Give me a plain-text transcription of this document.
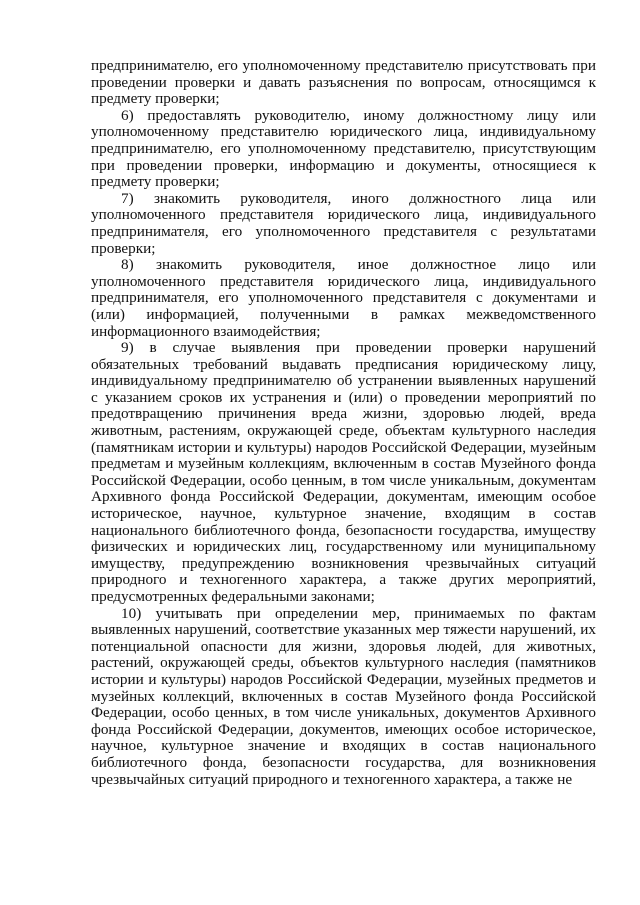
предпринимателю, его уполномоченному представителю присутствовать при проведении проверки и давать разъяснения по вопросам, относящимся к предмету проверки;

6) предоставлять руководителю, иному должностному лицу или уполномоченному представителю юридического лица, индивидуальному предпринимателю, его уполномоченному представителю, присутствующим при проведении проверки, информацию и документы, относящиеся к предмету проверки;

7) знакомить руководителя, иного должностного лица или уполномоченного представителя юридического лица, индивидуального предпринимателя, его уполномоченного представителя с результатами проверки;

8) знакомить руководителя, иное должностное лицо или уполномоченного представителя юридического лица, индивидуального предпринимателя, его уполномоченного представителя с документами и (или) информацией, полученными в рамках межведомственного информационного взаимодействия;

9) в случае выявления при проведении проверки нарушений обязательных требований выдавать предписания юридическому лицу, индивидуальному предпринимателю об устранении выявленных нарушений с указанием сроков их устранения и (или) о проведении мероприятий по предотвращению причинения вреда жизни, здоровью людей, вреда животным, растениям, окружающей среде, объектам культурного наследия (памятникам истории и культуры) народов Российской Федерации, музейным предметам и музейным коллекциям, включенным в состав Музейного фонда Российской Федерации, особо ценным, в том числе уникальным, документам Архивного фонда Российской Федерации, документам, имеющим особое историческое, научное, культурное значение, входящим в состав национального библиотечного фонда, безопасности государства, имуществу физических и юридических лиц, государственному или муниципальному имуществу, предупреждению возникновения чрезвычайных ситуаций природного и техногенного характера, а также других мероприятий, предусмотренных федеральными законами;

10) учитывать при определении мер, принимаемых по фактам выявленных нарушений, соответствие указанных мер тяжести нарушений, их потенциальной опасности для жизни, здоровья людей, для животных, растений, окружающей среды, объектов культурного наследия (памятников истории и культуры) народов Российской Федерации, музейных предметов и музейных коллекций, включенных в состав Музейного фонда Российской Федерации, особо ценных, в том числе уникальных, документов Архивного фонда Российской Федерации, документов, имеющих особое историческое, научное, культурное значение и входящих в состав национального библиотечного фонда, безопасности государства, для возникновения чрезвычайных ситуаций природного и техногенного характера, а также не
